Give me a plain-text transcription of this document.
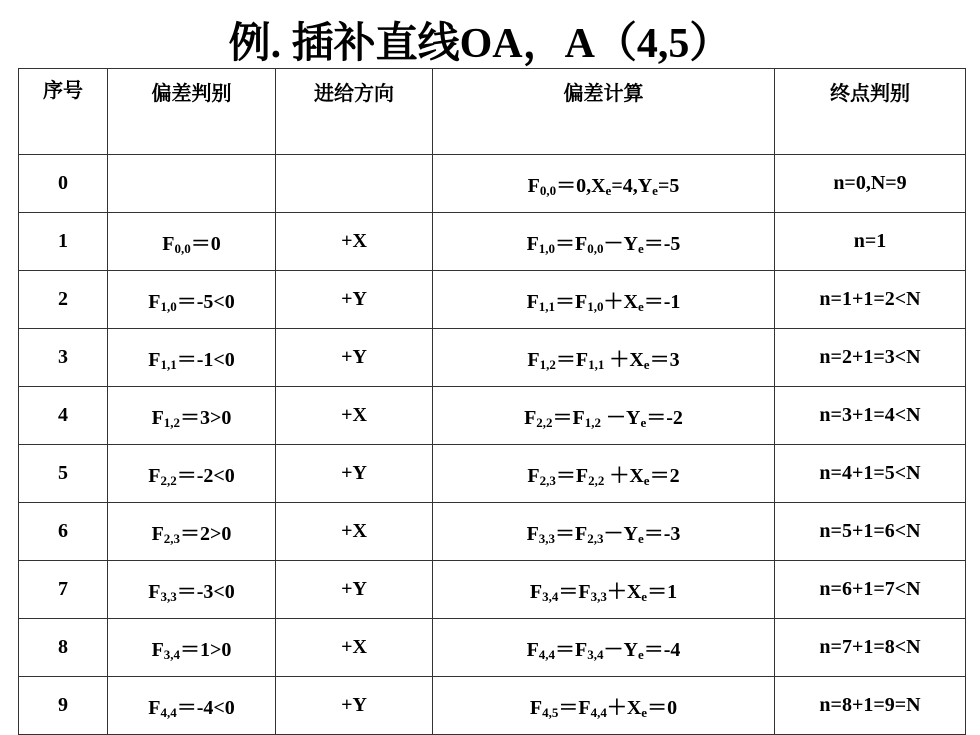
例. 插补直线OA，A（4,5）
序号	偏差判别	进给方向	偏差计算	终点判别
0			$F_{0,0}=0,X_e=4,Y_e=5$	n=0,N=9
1	$F_{0,0}=0$	+X	$F_{1,0}=F_{0,0}-Y_e=-5$	n=1
2	$F_{1,0}=-5<0$	+Y	$F_{1,1}=F_{1,0}+X_e=-1$	n=1+1=2<N
3	$F_{1,1}=-1<0$	+Y	$F_{1,2}=F_{1,1} +X_e=3$	n=2+1=3<N
4	$F_{1,2}=3>0$	+X	$F_{2,2}=F_{1,2} -Y_e=-2$	n=3+1=4<N
5	$F_{2,2}=-2<0$	+Y	$F_{2,3}=F_{2,2} +X_e=2$	n=4+1=5<N
6	$F_{2,3}=2>0$	+X	$F_{3,3}=F_{2,3}-Y_e=-3$	n=5+1=6<N
7	$F_{3,3}=-3<0$	+Y	$F_{3,4}=F_{3,3}+X_e=1$	n=6+1=7<N
8	$F_{3,4}=1>0$	+X	$F_{4,4}=F_{3,4}-Y_e=-4$	n=7+1=8<N
9	$F_{4,4}=-4<0$	+Y	$F_{4,5}=F_{4,4}+X_e=0$	n=8+1=9=N
